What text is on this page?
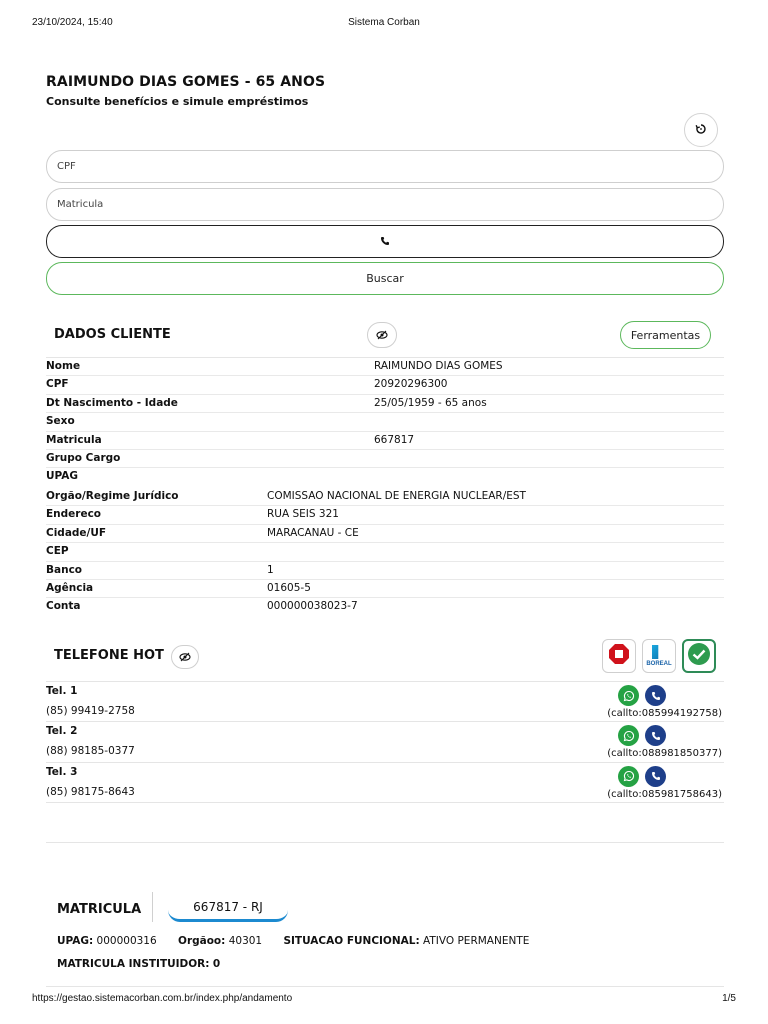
23/10/2024, 15:40	Sistema Corban
RAIMUNDO DIAS GOMES - 65 ANOS
Consulte benefícios e simule empréstimos
CPF
Matricula
Buscar
DADOS CLIENTE	Ferramentas
Nome	RAIMUNDO DIAS GOMES
CPF	20920296300
Dt Nascimento - Idade	25/05/1959 - 65 anos
Sexo
Matricula	667817
Grupo Cargo
UPAG
Orgão/Regime Jurídico	COMISSAO NACIONAL DE ENERGIA NUCLEAR/EST
Endereco	RUA SEIS 321
Cidade/UF	MARACANAU - CE
CEP
Banco	1
Agência	01605-5
Conta	000000038023-7
TELEFONE HOT
BOREAL
Tel. 1
(85) 99419-2758	(callto:085994192758)
Tel. 2
(88) 98185-0377	(callto:088981850377)
Tel. 3
(85) 98175-8643	(callto:085981758643)
MATRICULA	667817 - RJ
UPAG: 000000316 Orgãoo: 40301 SITUACAO FUNCIONAL: ATIVO PERMANENTE
MATRICULA INSTITUIDOR: 0
https://gestao.sistemacorban.com.br/index.php/andamento	1/5
